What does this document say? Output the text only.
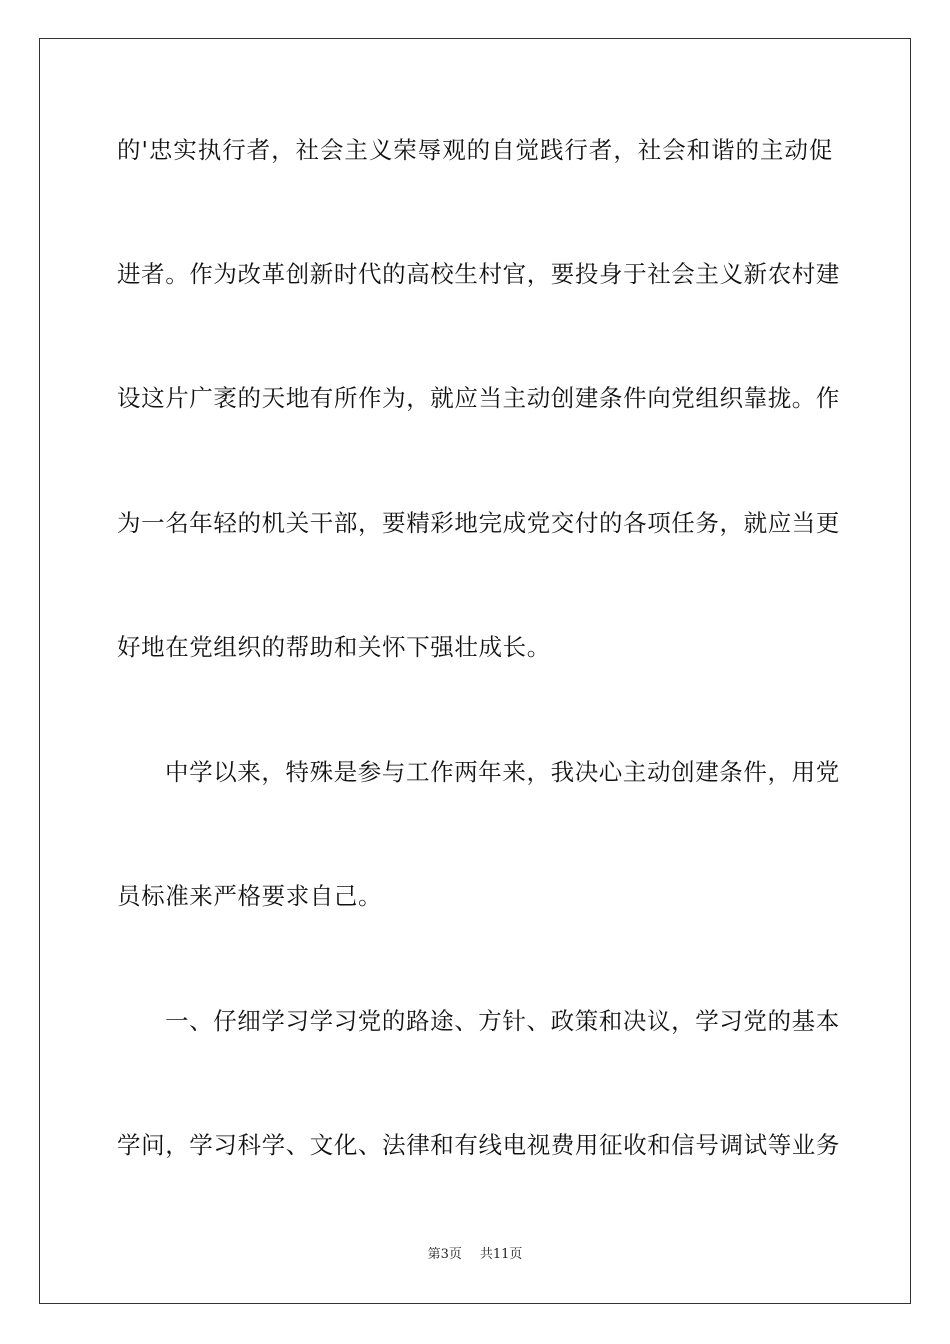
的'忠实执行者，社会主义荣辱观的自觉践行者，社会和谐的主动促

进者。作为改革创新时代的高校生村官，要投身于社会主义新农村建

设这片广袤的天地有所作为，就应当主动创建条件向党组织靠拢。作

为一名年轻的机关干部，要精彩地完成党交付的各项任务，就应当更

好地在党组织的帮助和关怀下强壮成长。

中学以来，特殊是参与工作两年来，我决心主动创建条件，用党

员标准来严格要求自己。

一、仔细学习学习党的路途、方针、政策和决议，学习党的基本

学问，学习科学、文化、法律和有线电视费用征收和信号调试等业务

第3页 共11页
